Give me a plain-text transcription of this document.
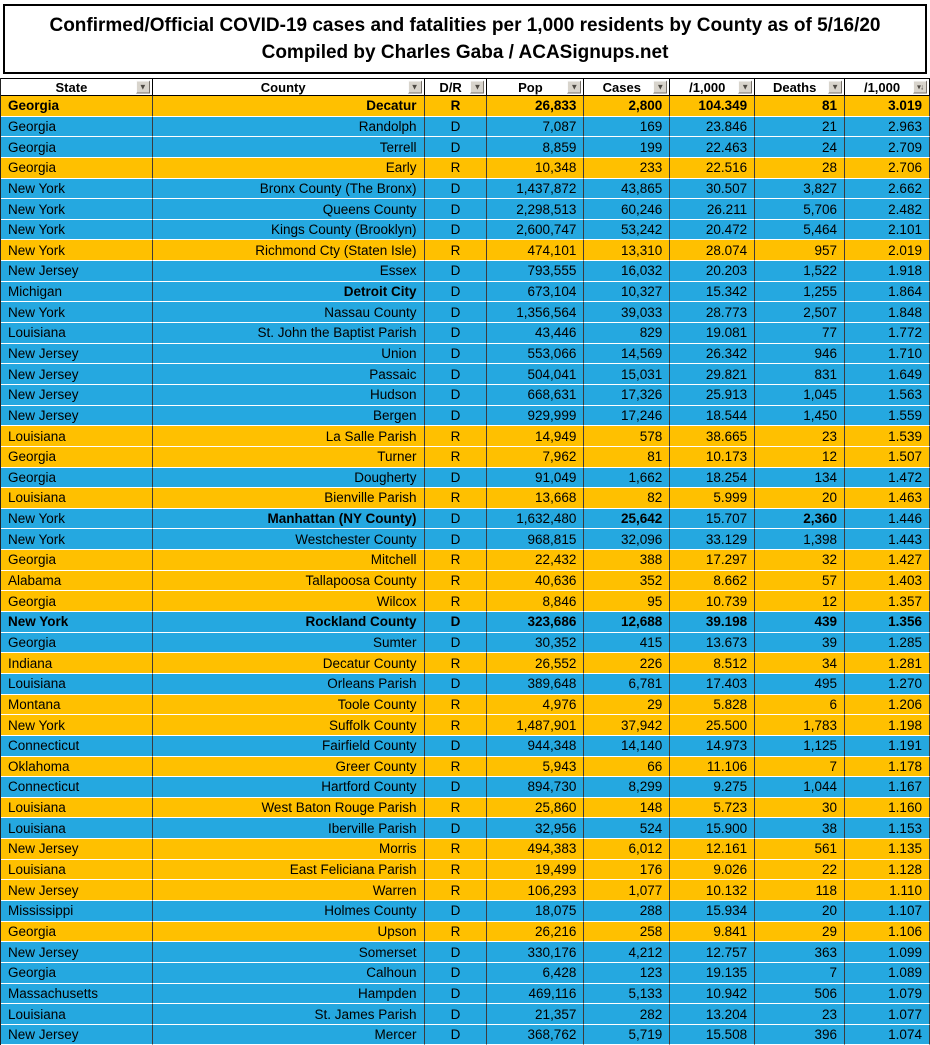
Confirmed/Official COVID-19 cases and fatalities per 1,000 residents by County as of 5/16/20
Compiled by Charles Gaba / ACASignups.net
State	▼	County	▼ D/R	▼	Pop	▼ Cases	▼ /1,000	▼ Deaths	▼ /1,000 ▾↓
Georgia	Decatur	R	26,833	2,800	104.349	81	3.019
Georgia	Randolph	D	7,087	169	23.846	21	2.963
Georgia	Terrell	D	8,859	199	22.463	24	2.709
Georgia	Early	R	10,348	233	22.516	28	2.706
New York	Bronx County (The Bronx)	D	1,437,872	43,865	30.507	3,827	2.662
New York	Queens County	D	2,298,513	60,246	26.211	5,706	2.482
New York	Kings County (Brooklyn)	D	2,600,747	53,242	20.472	5,464	2.101
New York	Richmond Cty (Staten Isle)	R	474,101	13,310	28.074	957	2.019
New Jersey	Essex	D	793,555	16,032	20.203	1,522	1.918
Michigan	Detroit City	D	673,104	10,327	15.342	1,255	1.864
New York	Nassau County	D	1,356,564	39,033	28.773	2,507	1.848
Louisiana	St. John the Baptist Parish	D	43,446	829	19.081	77	1.772
New Jersey	Union	D	553,066	14,569	26.342	946	1.710
New Jersey	Passaic	D	504,041	15,031	29.821	831	1.649
New Jersey	Hudson	D	668,631	17,326	25.913	1,045	1.563
New Jersey	Bergen	D	929,999	17,246	18.544	1,450	1.559
Louisiana	La Salle Parish	R	14,949	578	38.665	23	1.539
Georgia	Turner	R	7,962	81	10.173	12	1.507
Georgia	Dougherty	D	91,049	1,662	18.254	134	1.472
Louisiana	Bienville Parish	R	13,668	82	5.999	20	1.463
New York	Manhattan (NY County)	D	1,632,480	25,642	15.707	2,360	1.446
New York	Westchester County	D	968,815	32,096	33.129	1,398	1.443
Georgia	Mitchell	R	22,432	388	17.297	32	1.427
Alabama	Tallapoosa County	R	40,636	352	8.662	57	1.403
Georgia	Wilcox	R	8,846	95	10.739	12	1.357
New York	Rockland County	D	323,686	12,688	39.198	439	1.356
Georgia	Sumter	D	30,352	415	13.673	39	1.285
Indiana	Decatur County	R	26,552	226	8.512	34	1.281
Louisiana	Orleans Parish	D	389,648	6,781	17.403	495	1.270
Montana	Toole County	R	4,976	29	5.828	6	1.206
New York	Suffolk County	R	1,487,901	37,942	25.500	1,783	1.198
Connecticut	Fairfield County	D	944,348	14,140	14.973	1,125	1.191
Oklahoma	Greer County	R	5,943	66	11.106	7	1.178
Connecticut	Hartford County	D	894,730	8,299	9.275	1,044	1.167
Louisiana	West Baton Rouge Parish	R	25,860	148	5.723	30	1.160
Louisiana	Iberville Parish	D	32,956	524	15.900	38	1.153
New Jersey	Morris	R	494,383	6,012	12.161	561	1.135
Louisiana	East Feliciana Parish	R	19,499	176	9.026	22	1.128
New Jersey	Warren	R	106,293	1,077	10.132	118	1.110
Mississippi	Holmes County	D	18,075	288	15.934	20	1.107
Georgia	Upson	R	26,216	258	9.841	29	1.106
New Jersey	Somerset	D	330,176	4,212	12.757	363	1.099
Georgia	Calhoun	D	6,428	123	19.135	7	1.089
Massachusetts	Hampden	D	469,116	5,133	10.942	506	1.079
Louisiana	St. James Parish	D	21,357	282	13.204	23	1.077
New Jersey	Mercer	D	368,762	5,719	15.508	396	1.074
